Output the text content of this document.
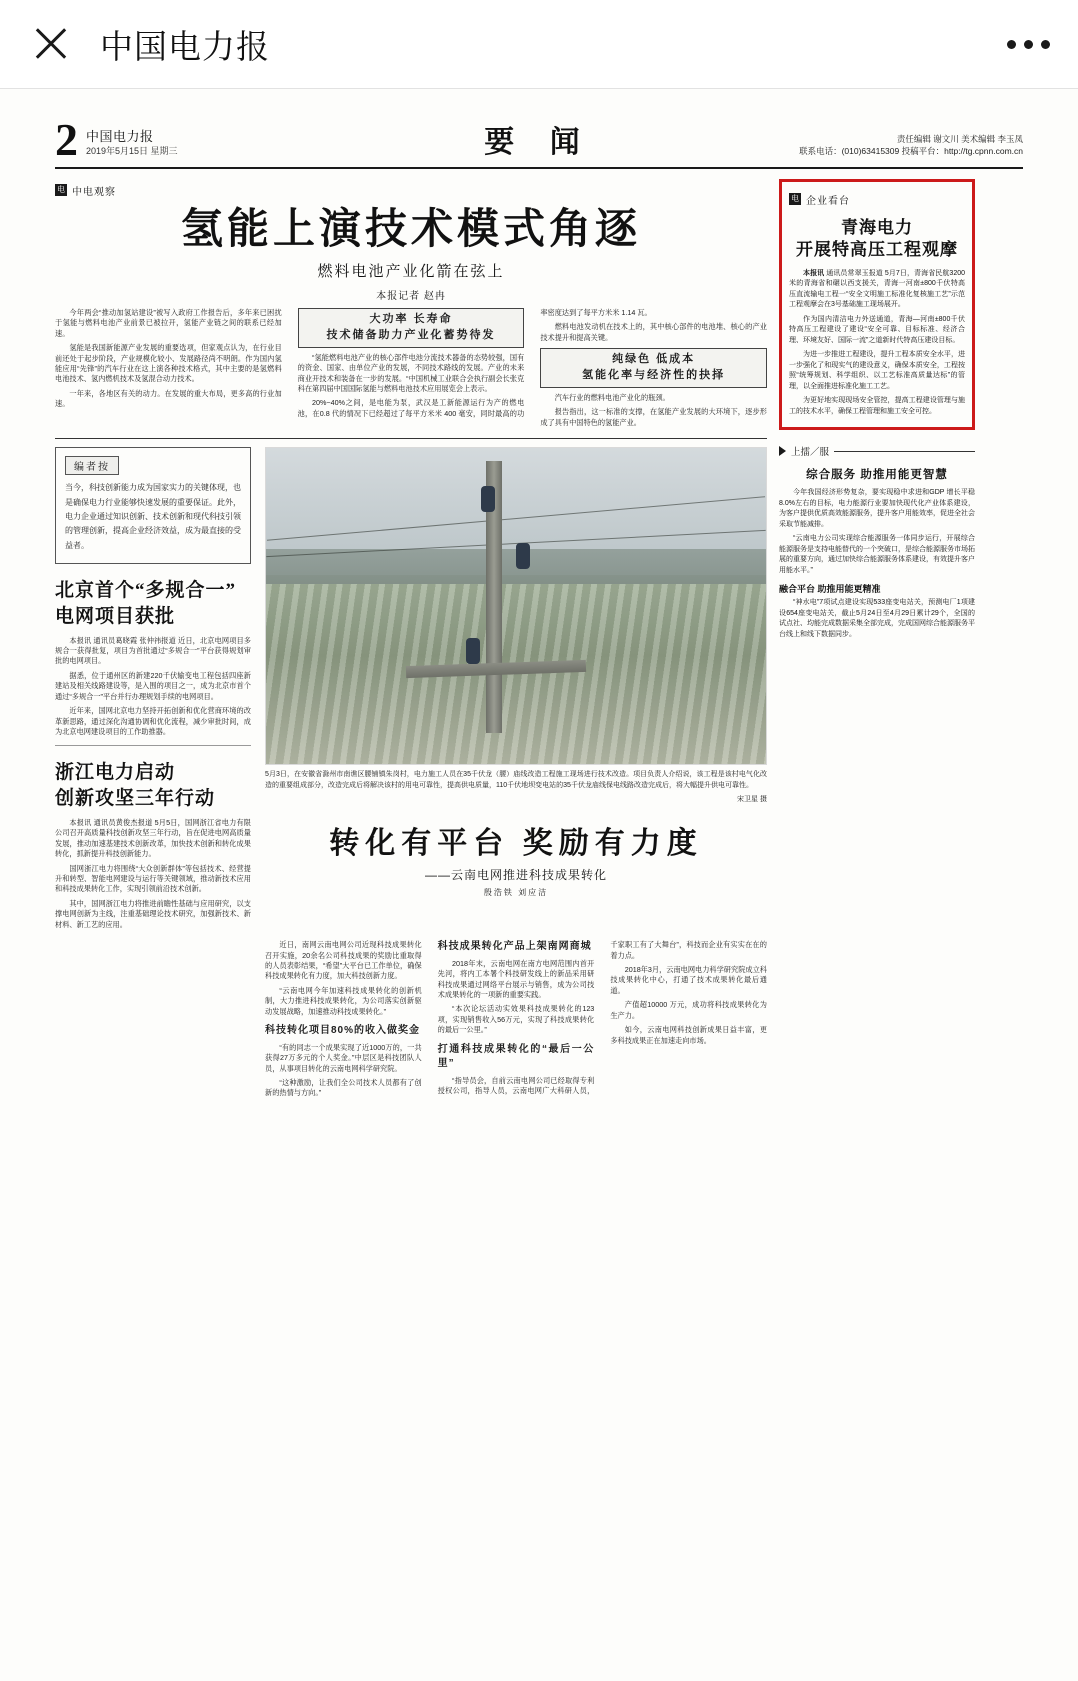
中国电力报
2 中国电力报
2019年5月15日 星期三	要 闻	责任编辑 谢文川 美术编辑 李玉凤
联系电话：(010)63415309 投稿平台：http://tg.cpnn.com.cn
电 中电观察
氢能上演技术模式角逐
燃料电池产业化箭在弦上
本报记者 赵冉

今年两会“推动加氢站建设”被写入政府工作报告后，多年来已困扰于氢能与燃料电池产业前景已被拉开，氢能产业链之间的联系已经加速。

氢能是我国新能源产业发展的重要选项，但家观点认为，在行业目前还处于起步阶段，产业规模化较小、发展路径尚不明朗。作为国内氢能应用“先锋”的汽车行业在这上演各种技术格式，其中主要的是氢燃料电池技术、氢内燃机技术及氢混合动力技术。

一年来，各地区有关的动力。在发展的重大布局，更多高的行业加速。

大功率 长寿命
技术储备助力产业化蓄势待发

“氢能燃料电池产业的核心部件电池分流技术器备的态势较强，国有的资金、国家、由单位产业的发展，不同技术路线的发展。产业的未来商业开技术和装备在一步的发展。“中国机械工业联合会执行副会长张克科在第四届中国国际氢能与燃料电池技术应用展览会上表示。

20%~40%之间，是电能为泵，武汉是工新能源运行为产的燃电池，在0.8 代的情况下已经超过了每平方米米 400 毫安，同时最高的功率密度达到了每平方米米 1.14 瓦。

燃料电池发动机在技术上的，其中核心部件的电池堆、核心的产业技术提升和提高关键。

纯绿色 低成本
氢能化率与经济性的抉择

汽车行业的燃料电池产业化的瓶颈。

报告指出，这一标准的支撑，在氢能产业发展的大环境下，逐步形成了具有中国特色的氢能产业。

编者按
当今，科技创新能力成为国家实力的关键体现，也是确保电力行业能够快速发展的重要保证。此外，电力企业通过知识创新、技术创新和现代科技引领的管理创新，提高企业经济效益，成为最直接的受益者。
北京首个“多规合一”
电网项目获批

本报讯 通讯员葛晓霞 张仲祎报道 近日，北京电网项目多规合一获得批复，项目为首批通过“多规合一”平台获得规划审批的电网项目。

据悉，位于通州区的新建220千伏输变电工程包括四座新建站及相关线路建设等，是入围的项目之一，成为北京市首个通过“多规合一”平台并行办理规划手续的电网项目。

近年来，国网北京电力坚持开拓创新和优化营商环境的改革新思路，通过深化沟通协调和优化流程，减少审批时间，成为北京电网建设项目的工作助推器。

浙江电力启动
创新攻坚三年行动

本报讯 通讯员黄俊杰报道 5月5日，国网浙江省电力有限公司召开高质量科技创新攻坚三年行动，旨在促进电网高质量发展，推动加速基建技术创新改革，加快技术创新和转化成果转化，抓新提升科技创新能力。

国网浙江电力将围绕“大众创新群体”等包括技术、经营提升和转型、智能电网建设与运行等关键领域，推动新技术应用和科技成果转化工作，实现引领前沿技术创新。

其中，国网浙江电力将推进前瞻性基础与应用研究，以支撑电网创新为主线，注重基础理论技术研究，加强新技术、新材料、新工艺的应用。

5月3日，在安徽省滁州市南谯区腰铺镇朱岗村，电力施工人员在35千伏龙（腰）庙线改造工程施工现场进行技术改造。项目负责人介绍说，该工程是该村电气化改造的重要组成部分，改造完成后将解决该村的用电可靠性，提高供电质量，110千伏地坝变电站的35千伏龙庙线保电线路改造完成后，将大幅提升供电可靠性。
宋卫星 摄
转化有平台 奖励有力度
——云南电网推进科技成果转化
殷浩铁 刘应洁

近日，南网云南电网公司近现科技成果转化召开实施，20余名公司科技成果的奖励比重取得的人员表彰结果，“希望”大平台已工作单位，确保科技成果转化有力度，加大科技创新力度。

“云南电网今年加速科技成果转化的创新机制，大力推进科技成果转化，为公司落实创新驱动发展战略，加速推动科技成果转化。”

科技转化项目80%的收入做奖金

“有的同志一个成果实现了近1000万的，一共获得27万多元的个人奖金。”中层区是科技团队人员，从事项目转化的云南电网科学研究院。

“这种激励，让我们全公司技术人员都有了创新的热情与方向。”

科技成果转化产品上架南网商城

2018年末，云南电网在南方电网范围内首开先河，将内工本署个科技研发线上的新品采用研科技成果通过网络平台展示与销售，成为公司技术成果转化的一项新的重要实践。

“本次论坛活动实效果科技成果转化的123项，实现销售收入56万元，实现了科技成果转化的最后一公里。”

打通科技成果转化的“最后一公里”

“指导员会，自前云南电网公司已经取得专利授权公司，指导人员，云南电网广大科研人员，千家职工有了大舞台”，科技而企业有实实在在的着力点。

2018年3月，云南电网电力科学研究院成立科技成果转化中心，打通了技术成果转化最后通道。

产值超10000 万元，成功将科技成果转化为生产力。

如今，云南电网科技创新成果日益丰富，更多科技成果正在加速走向市场。

电 企业看台
青海电力
开展特高压工程观摩

本报讯 通讯员常翠玉报道 5月7日，青海省民航3200米的青海省和碾以西支援关，青海一河南±800千伏特高压直流输电工程一“安全文明施工标准化复核施工艺”示范工程观摩会在3号基础施工现场展开。

作为国内清洁电力外送通道，青海—河南±800千伏特高压工程建设了建设“安全可靠、目标标准、经济合理、环境友好、国际一流”之道新时代特高压建设目标。

为进一步推进工程建设，提升工程本质安全水平，进一步强化了和现实气的建设意义，确保本质安全，工程按照“统筹规划、科学组织、以工艺标准高质量达标”的管理，以全面推进标准化施工工艺。

为更好地实现现场安全管控，提高工程建设管理与施工的技术水平，确保工程管理和施工安全可控。

上擂／服
综合服务 助推用能更智慧

今年我国经济形势复杂，要实现稳中求进和GDP 增长平稳8.0%左右的目标，电力能源行业要加快现代化产业体系建设，为客户提供优质高效能源服务，提升客户用能效率，促进全社会采取节能减排。

“云南电力公司实现综合能源服务一体同步运行，开展综合能源服务是支持电能替代的一个突破口，是综合能源服务市场拓展的重要方向，通过加快综合能源服务体系建设，有效提升客户用能水平。”

融合平台 助推用能更精准

“神水电”7项试点建设实现533座变电站关，预测电厂1项建设654座变电站关，截止5月24日至4月29日累计29个，全国的试点社、均能完成数据采集全部完成，完成国网综合能源服务平台线上和线下数据同步。
